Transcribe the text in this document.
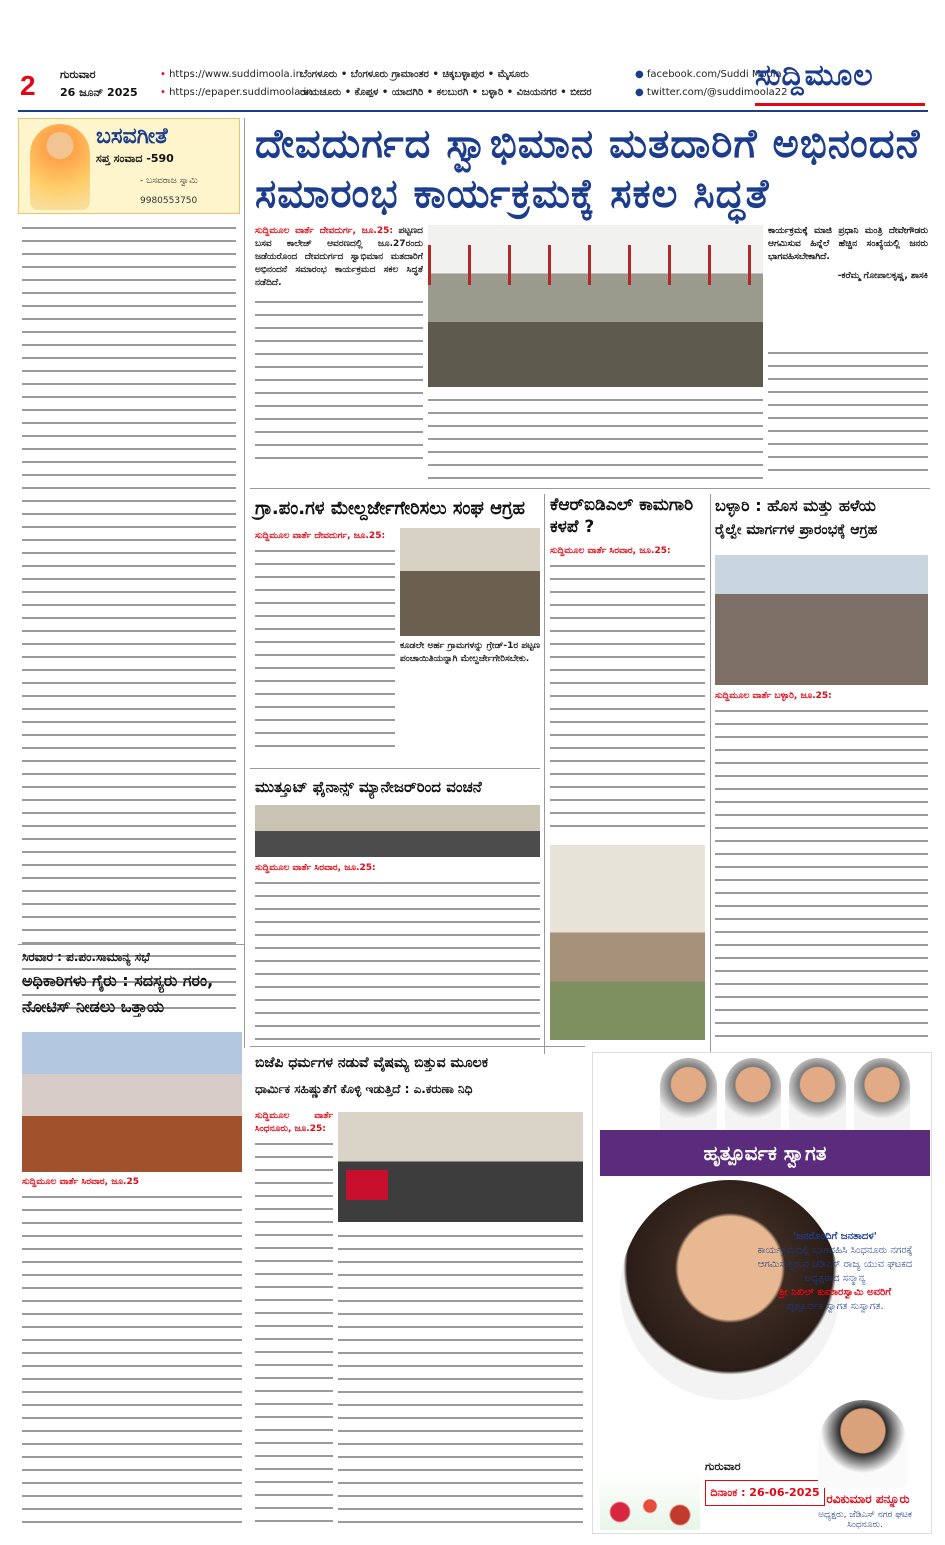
2	ಗುರುವಾರ
26 ಜೂನ್ 2025
• https://www.suddimoola.in
• https://epaper.suddimoola.in
ಬೆಂಗಳೂರು • ಬೆಂಗಳೂರು ಗ್ರಾಮಾಂತರ • ಚಿಕ್ಕಬಳ್ಳಾಪುರ • ಮೈಸೂರು
ರಾಯಚೂರು • ಕೊಪ್ಪಳ • ಯಾದಗಿರಿ • ಕಲಬುರಗಿ • ಬಳ್ಳಾರಿ • ವಿಜಯನಗರ • ಬೀದರ
● facebook.com/Suddi Moola
● twitter.com/@suddimoola22
ಸುದ್ದಿಮೂಲ
ಬಸವಗೀತೆ
ಸಪ್ತ ಸಂವಾದ -590
- ಬಸವರಾಜ ಸ್ವಾಮಿ
9980553750
ದೇವದುರ್ಗದ ಸ್ವಾಭಿಮಾನ ಮತದಾರಿಗೆ ಅಭಿನಂದನೆ
ಸಮಾರಂಭ ಕಾರ್ಯಕ್ರಮಕ್ಕೆ ಸಕಲ ಸಿದ್ಧತೆ
ಸುದ್ದಿಮೂಲ ವಾರ್ತೆ ದೇವದುರ್ಗ, ಜೂ.25: ಪಟ್ಟಣದ ಬಸವ ಕಾಲೇಜ್ ಆವರಣದಲ್ಲಿ ಜೂ.27ರಂದು ಜಡೆಯರೊಂದ ದೇವದುರ್ಗದ ಸ್ವಾಭಿಮಾನ ಮತದಾರಿಗೆ ಅಭಿನಂದನೆ ಸಮಾರಂಭ ಕಾರ್ಯಕ್ರಮದ ಸಕಲ ಸಿದ್ಧತೆ ನಡೆದಿದೆ.
ಕಾರ್ಯಕ್ರಮಕ್ಕೆ ಮಾಜಿ ಪ್ರಧಾನಿ ಮಂತ್ರಿ ದೇವೇಗೌಡರು ಆಗಮಿಸುವ ಹಿನ್ನೆಲೆ ಹೆಚ್ಚಿನ ಸಂಖ್ಯೆಯಲ್ಲಿ ಜನರು ಭಾಗವಹಿಸಬೇಕಾಗಿದೆ.
-ಕರೆಮ್ಮ ಗೋಪಾಲಕೃಷ್ಣ, ಶಾಸಕಿ
ಗ್ರಾ.ಪಂ.ಗಳ ಮೇಲ್ದರ್ಜೇಗೇರಿಸಲು ಸಂಘ ಆಗ್ರಹ
ಸುದ್ದಿಮೂಲ ವಾರ್ತೆ ದೇವದುರ್ಗ, ಜೂ.25:
ಕೂಡಲೇ ಅರ್ಹ ಗ್ರಾಮಗಳನ್ನು ಗ್ರೇಡ್-1ರ ಪಟ್ಟಣ ಪಂಚಾಯಿತಿಯನ್ನಾಗಿ ಮೇಲ್ದರ್ಜೇಗೇರಿಸಬೇಕು.
ಕೆಆರ್‌ಐಡಿಎಲ್ ಕಾಮಗಾರಿ ಕಳಪೆ ?
ಸುದ್ದಿಮೂಲ ವಾರ್ತೆ ಸಿರವಾರ, ಜೂ.25:
ಬಳ್ಳಾರಿ : ಹೊಸ ಮತ್ತು ಹಳೆಯ
ರೈಲ್ವೇ ಮಾರ್ಗಗಳ ಪ್ರಾರಂಭಕ್ಕೆ ಆಗ್ರಹ
ಸುದ್ದಿಮೂಲ ವಾರ್ತೆ ಬಳ್ಳಾರಿ, ಜೂ.25:
ಮುತ್ತೂಟ್ ಫೈನಾನ್ಸ್ ಮ್ಯಾನೇಜರ್‌ರಿಂದ ವಂಚನೆ
ಸುದ್ದಿಮೂಲ ವಾರ್ತೆ ಸಿರವಾರ, ಜೂ.25:
ಸಿರವಾರ : ಪ.ಪಂ.ಸಾಮಾನ್ಯ ಸಭೆ
ಅಧಿಕಾರಿಗಳು ಗೈರು : ಸದಸ್ಯರು ಗರಂ, ನೋಟಿಸ್ ನೀಡಲು ಒತ್ತಾಯ
ಸುದ್ದಿಮೂಲ ವಾರ್ತೆ ಸಿರವಾರ, ಜೂ.25
ಬಿಜೆಪಿ ಧರ್ಮಗಳ ನಡುವೆ ವೈಷಮ್ಯ ಬಿತ್ತುವ ಮೂಲಕ
ಧಾರ್ಮಿಕ ಸಹಿಷ್ಣುತೆಗೆ ಕೊಳ್ಳಿ ಇಡುತ್ತಿದೆ : ಎ.ಕರುಣಾ ನಿಧಿ
ಸುದ್ದಿಮೂಲ ವಾರ್ತೆ ಸಿಂಧನೂರು, ಜೂ.25:
ಹೃತ್ಪೂರ್ವಕ ಸ್ವಾಗತ
'ಜನರೊಂದಿಗೆ ಜನತಾದಳ'
ಕಾರ್ಯಕ್ರಮದಲ್ಲಿ ಭಾಗವಹಿಸಿ ಸಿಂಧನೂರು ನಗರಕ್ಕೆ ಆಗಮಿಸುತ್ತಿರುವ ಜೆಡಿಎಸ್ ರಾಜ್ಯ ಯುವ ಘಟಕದ ಅಧ್ಯಕ್ಷರಾದ ಸನ್ಮಾನ್ಯ
ಶ್ರೀ ನಿಖಿಲ್ ಕುಮಾರಸ್ವಾಮಿ ಅವರಿಗೆ
ಹೃತ್ಪೂರ್ವಕ ಸ್ವಾಗತ ಸುಸ್ವಾಗತ.
ಗುರುವಾರ
ದಿನಾಂಕ : 26-06-2025 ರವಿಕುಮಾರ ಪನ್ನೂರು
ಅಧ್ಯಕ್ಷರು, ಜೆಡಿಎಸ್ ನಗರ ಘಟಕ ಸಿಂಧನೂರು.
